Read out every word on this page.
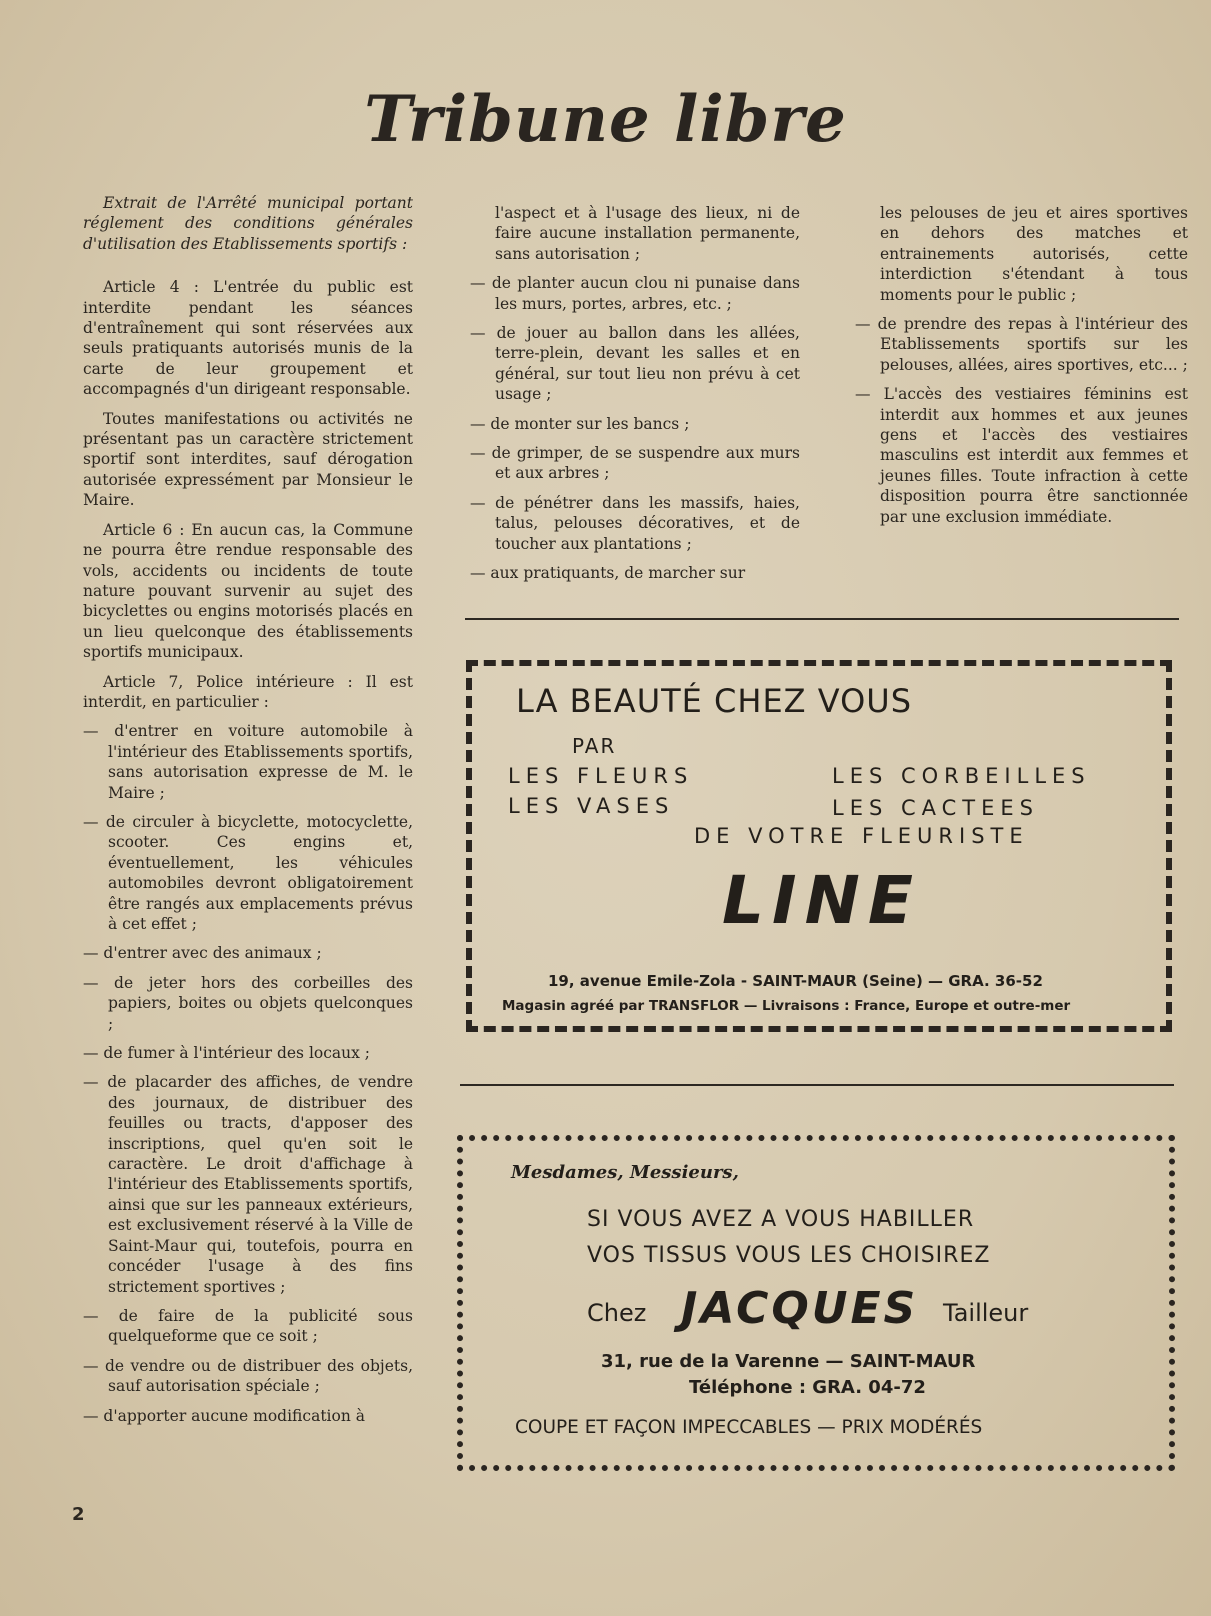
Tribune libre

Extrait de l'Arrêté municipal portant réglement des conditions générales d'utilisation des Etablissements sportifs :

Article 4 : L'entrée du public est interdite pendant les séances d'entraînement qui sont réservées aux seuls pratiquants autorisés munis de la carte de leur groupement et accompagnés d'un dirigeant responsable.

Toutes manifestations ou activités ne présentant pas un caractère strictement sportif sont interdites, sauf dérogation autorisée expressément par Monsieur le Maire.

Article 6 : En aucun cas, la Commune ne pourra être rendue responsable des vols, accidents ou incidents de toute nature pouvant survenir au sujet des bicyclettes ou engins motorisés placés en un lieu quelconque des établissements sportifs municipaux.

Article 7, Police intérieure : Il est interdit, en particulier :

— d'entrer en voiture automobile à l'intérieur des Etablissements sportifs, sans autorisation expresse de M. le Maire ;

— de circuler à bicyclette, motocyclette, scooter. Ces engins et, éventuellement, les véhicules automobiles devront obligatoirement être rangés aux emplacements prévus à cet effet ;

— d'entrer avec des animaux ;

— de jeter hors des corbeilles des papiers, boites ou objets quelconques ;

— de fumer à l'intérieur des locaux ;

— de placarder des affiches, de vendre des journaux, de distribuer des feuilles ou tracts, d'apposer des inscriptions, quel qu'en soit le caractère. Le droit d'affichage à l'intérieur des Etablissements sportifs, ainsi que sur les panneaux extérieurs, est exclusivement réservé à la Ville de Saint-Maur qui, toutefois, pourra en concéder l'usage à des fins strictement sportives ;

— de faire de la publicité sous quelqueforme que ce soit ;

— de vendre ou de distribuer des objets, sauf autorisation spéciale ;

— d'apporter aucune modification à

l'aspect et à l'usage des lieux, ni de faire aucune installation permanente, sans autorisation ;

— de planter aucun clou ni punaise dans les murs, portes, arbres, etc. ;

— de jouer au ballon dans les allées, terre-plein, devant les salles et en général, sur tout lieu non prévu à cet usage ;

— de monter sur les bancs ;

— de grimper, de se suspendre aux murs et aux arbres ;

— de pénétrer dans les massifs, haies, talus, pelouses décoratives, et de toucher aux plantations ;

— aux pratiquants, de marcher sur

les pelouses de jeu et aires sportives en dehors des matches et entrainements autorisés, cette interdiction s'étendant à tous moments pour le public ;

— de prendre des repas à l'intérieur des Etablissements sportifs sur les pelouses, allées, aires sportives, etc... ;

— L'accès des vestiaires féminins est interdit aux hommes et aux jeunes gens et l'accès des vestiaires masculins est interdit aux femmes et jeunes filles. Toute infraction à cette disposition pourra être sanctionnée par une exclusion immédiate.

LA BEAUTÉ CHEZ VOUS
PAR
LES FLEURS	LES CORBEILLES
LES VASES	LES CACTEES
DE VOTRE FLEURISTE
LINE
19, avenue Emile-Zola - SAINT-MAUR (Seine) — GRA. 36-52
Magasin agréé par TRANSFLOR — Livraisons : France, Europe et outre-mer
Mesdames, Messieurs,
SI VOUS AVEZ A VOUS HABILLER
VOS TISSUS VOUS LES CHOISIREZ
Chez JACQUES Tailleur
31, rue de la Varenne — SAINT-MAUR
Téléphone : GRA. 04-72
COUPE ET FAÇON IMPECCABLES — PRIX MODÉRÉS
2
